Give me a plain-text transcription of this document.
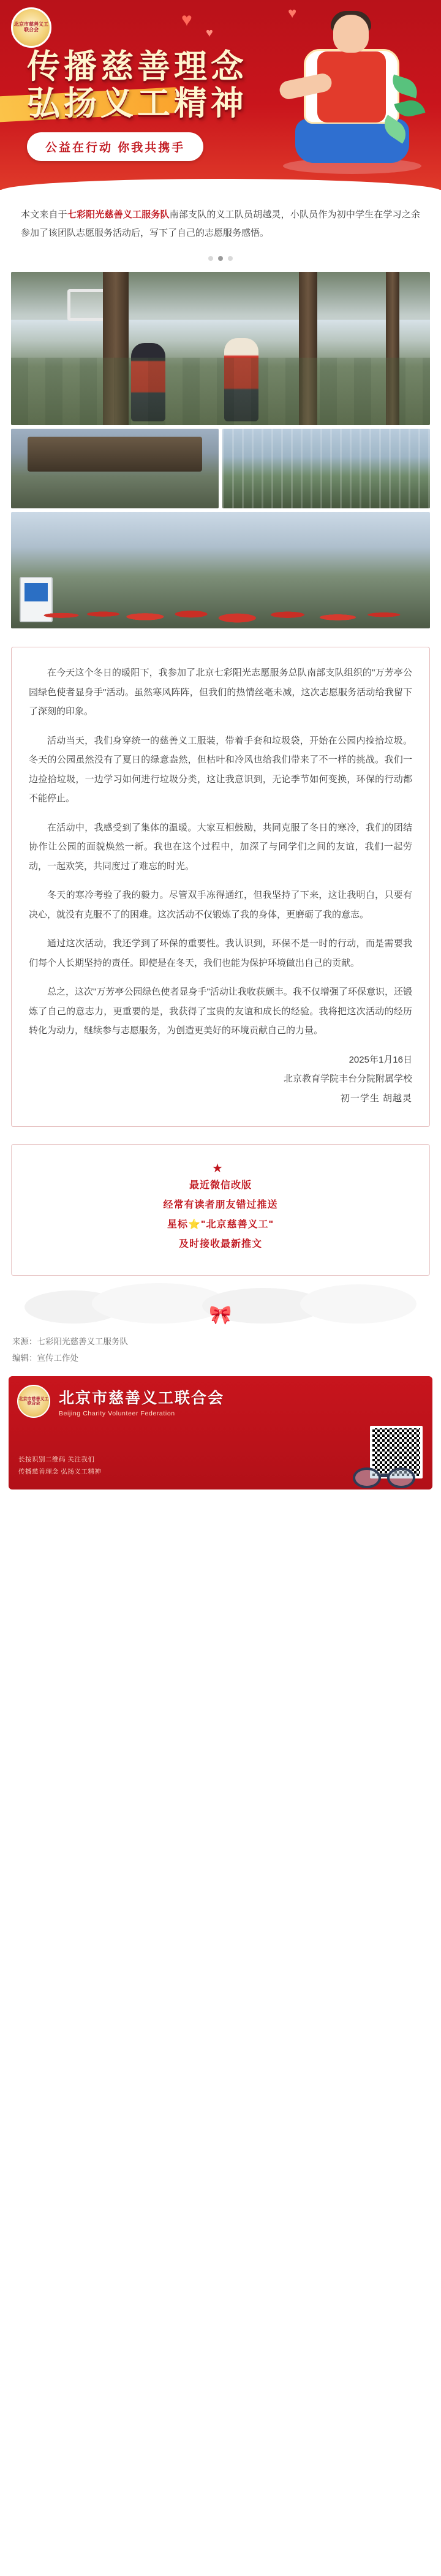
北京市慈善义工联合会	♥
♥
♥
传播慈善理念
弘扬义工精神
公益在行动 你我共携手
本文来自于七彩阳光慈善义工服务队南部支队的义工队员胡越灵，小队员作为初中学生在学习之余参加了该团队志愿服务活动后，写下了自己的志愿服务感悟。

在今天这个冬日的暖阳下，我参加了北京七彩阳光志愿服务总队南部支队组织的"万芳亭公园绿色使者显身手"活动。虽然寒风阵阵，但我们的热情丝毫未减，这次志愿服务活动给我留下了深刻的印象。

活动当天，我们身穿统一的慈善义工服装，带着手套和垃圾袋，开始在公园内捡拾垃圾。冬天的公园虽然没有了夏日的绿意盎然，但枯叶和冷风也给我们带来了不一样的挑战。我们一边捡拾垃圾，一边学习如何进行垃圾分类，这让我意识到，无论季节如何变换，环保的行动都不能停止。

在活动中，我感受到了集体的温暖。大家互相鼓励，共同克服了冬日的寒冷，我们的团结协作让公园的面貌焕然一新。我也在这个过程中，加深了与同学们之间的友谊，我们一起劳动，一起欢笑，共同度过了难忘的时光。

冬天的寒冷考验了我的毅力。尽管双手冻得通红，但我坚持了下来，这让我明白，只要有决心，就没有克服不了的困难。这次活动不仅锻炼了我的身体，更磨砺了我的意志。

通过这次活动，我还学到了环保的重要性。我认识到，环保不是一时的行动，而是需要我们每个人长期坚持的责任。即使是在冬天，我们也能为保护环境做出自己的贡献。

总之，这次"万芳亭公园绿色使者显身手"活动让我收获颇丰。我不仅增强了环保意识，还锻炼了自己的意志力，更重要的是，我获得了宝贵的友谊和成长的经验。我将把这次活动的经历转化为动力，继续参与志愿服务，为创造更美好的环境贡献自己的力量。

2025年1月16日
北京教育学院丰台分院附属学校
初一学生 胡越灵
★
最近微信改版
经常有读者朋友错过推送
星标⭐"北京慈善义工"
及时接收最新推文
🎀
来源：七彩阳光慈善义工服务队
编辑：宣传工作处
北京市慈善义工联合会	北京市慈善义工联合会
Beijing Charity Volunteer Federation
长按识别二维码 关注我们
传播慈善理念 弘扬义工精神
